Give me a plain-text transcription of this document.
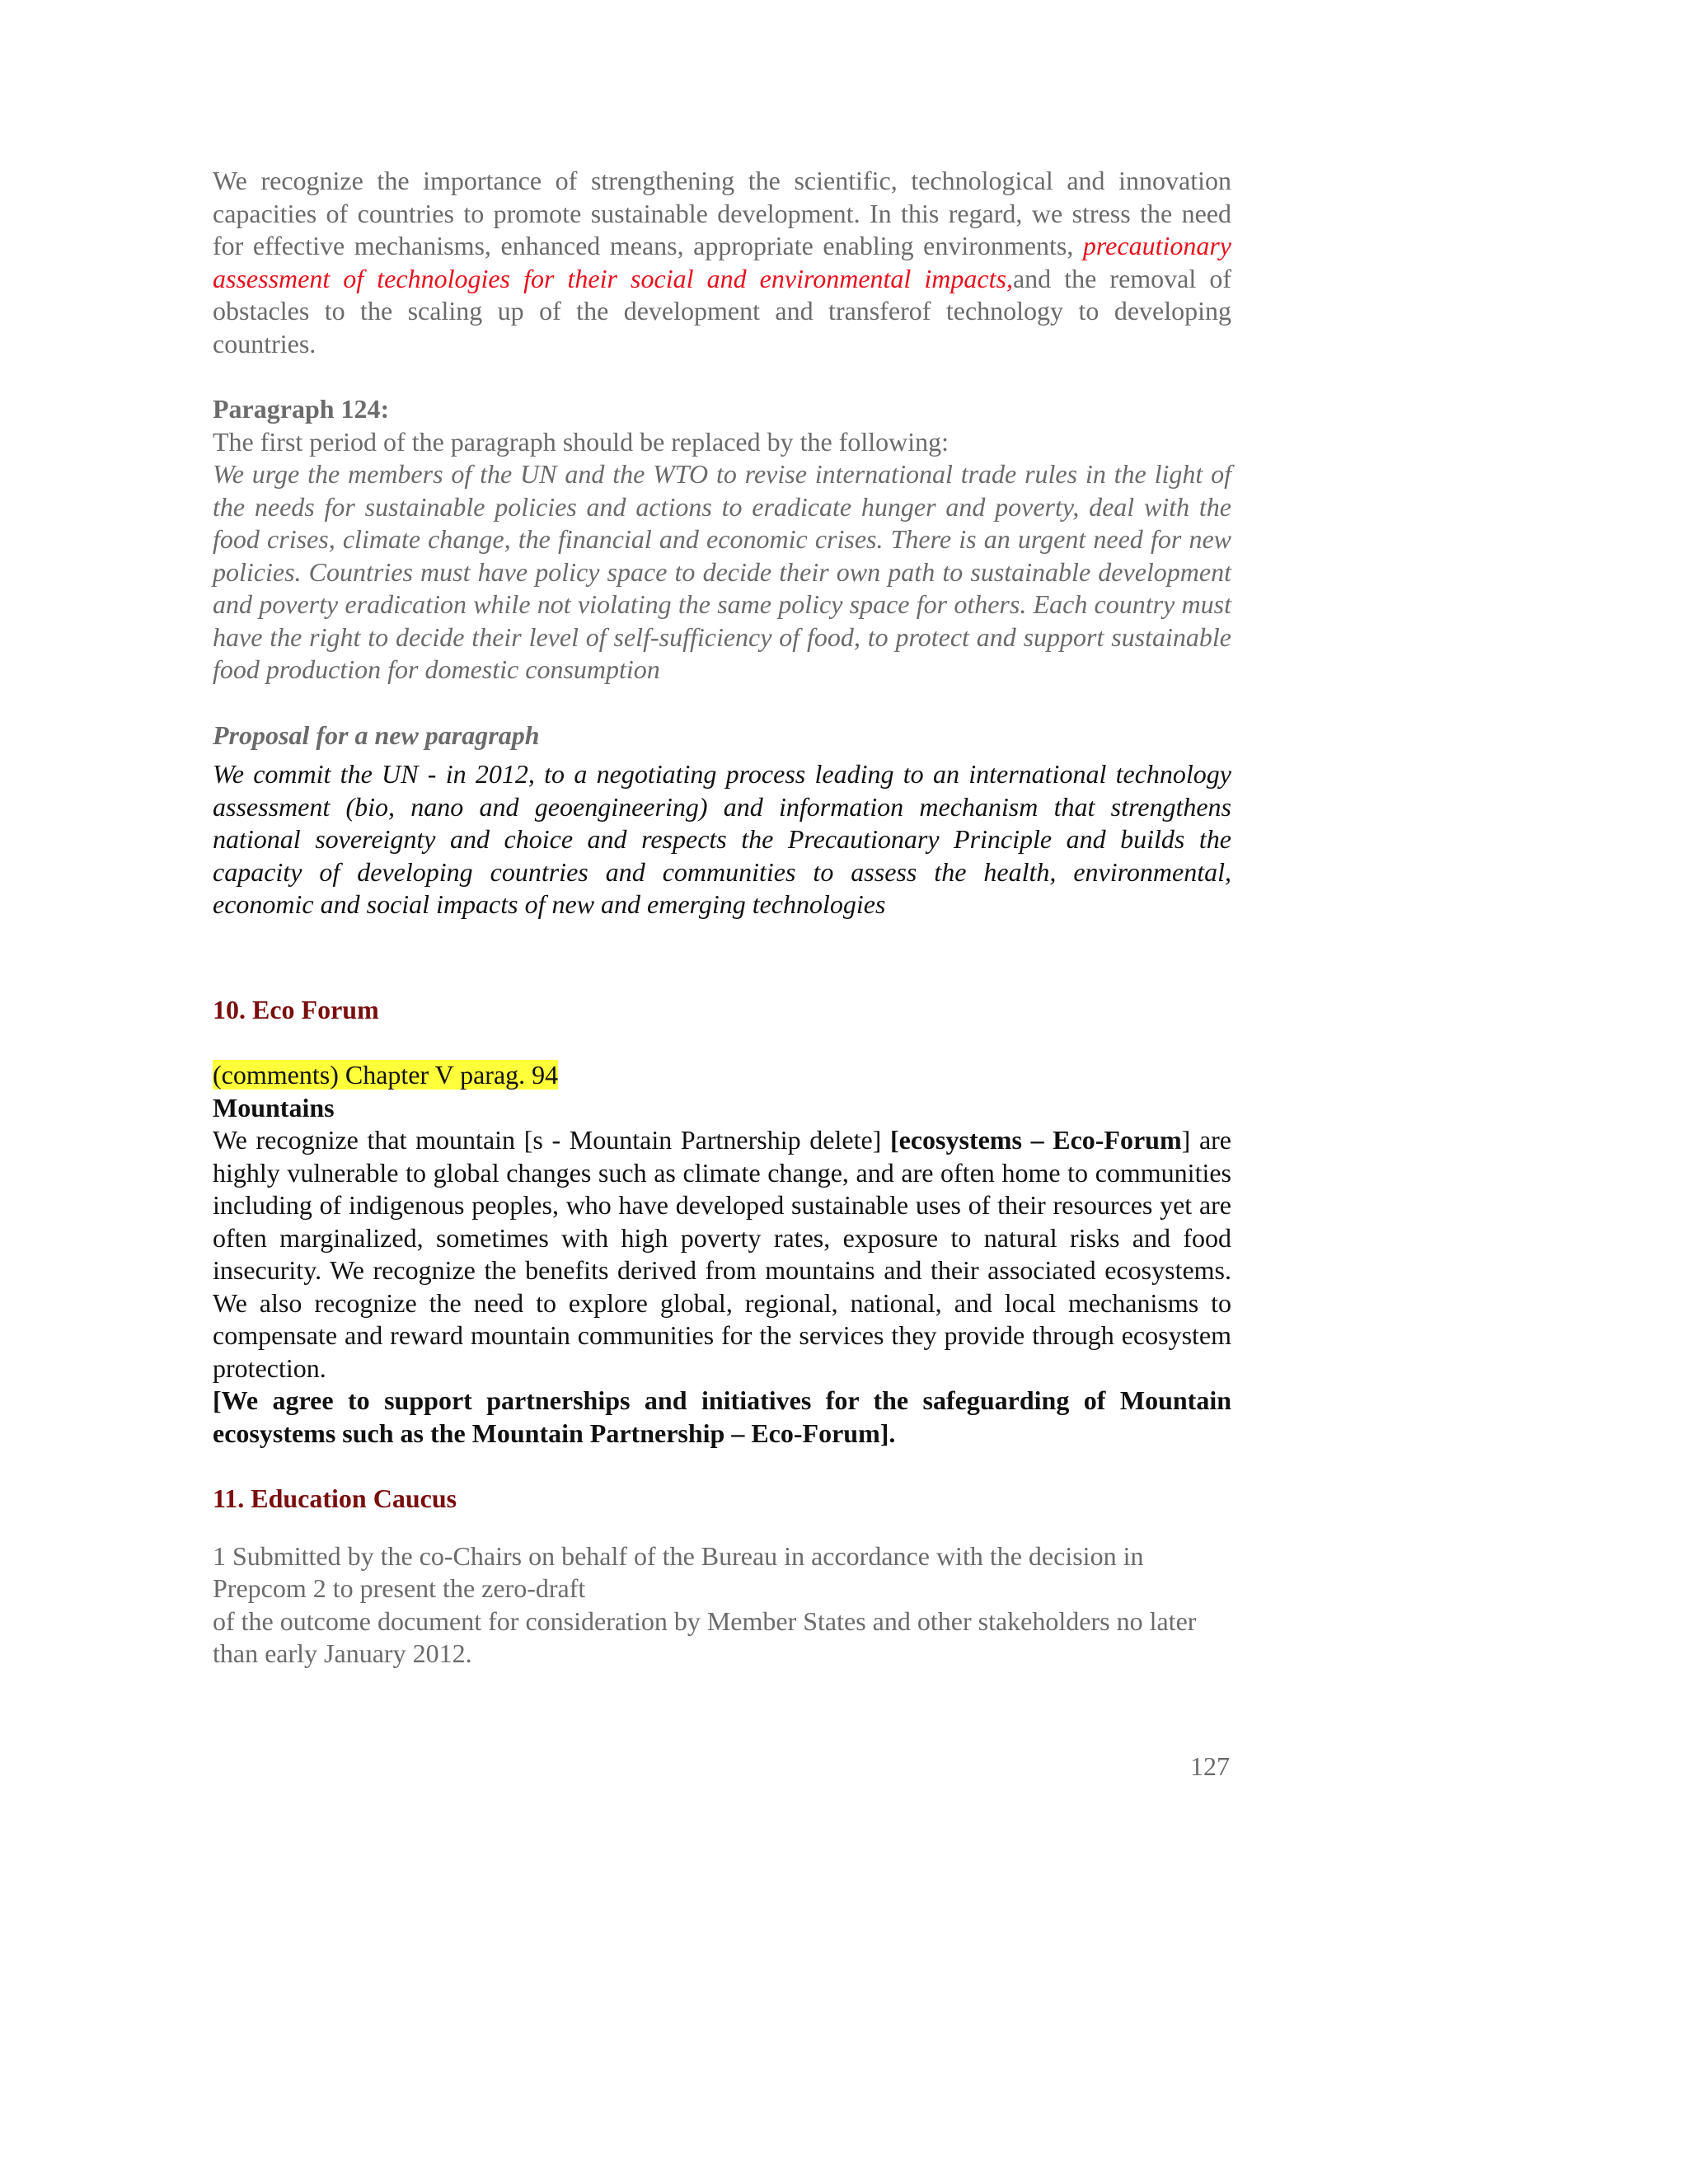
We recognize the importance of strengthening the scientific, technological and innovation capacities of countries to promote sustainable development. In this regard, we stress the need for effective mechanisms, enhanced means, appropriate enabling environments, precautionary assessment of technologies for their social and environmental impacts,and the removal of obstacles to the scaling up of the development and transferof technology to developing countries.

Paragraph 124:

The first period of the paragraph should be replaced by the following:

We urge the members of the UN and the WTO to revise international trade rules in the light of the needs for sustainable policies and actions to eradicate hunger and poverty, deal with the food crises, climate change, the financial and economic crises. There is an urgent need for new policies. Countries must have policy space to decide their own path to sustainable development and poverty eradication while not violating the same policy space for others. Each country must have the right to decide their level of self-sufficiency of food, to protect and support sustainable food production for domestic consumption

Proposal for a new paragraph

We commit the UN - in 2012, to a negotiating process leading to an international technology assessment (bio, nano and geoengineering) and information mechanism that strengthens national sovereignty and choice and respects the Precautionary Principle and builds the capacity of developing countries and communities to assess the health, environmental, economic and social impacts of new and emerging technologies

10. Eco Forum

(comments) Chapter V parag. 94

Mountains

We recognize that mountain [s - Mountain Partnership delete] [ecosystems – Eco-Forum] are highly vulnerable to global changes such as climate change, and are often home to communities including of indigenous peoples, who have developed sustainable uses of their resources yet are often marginalized, sometimes with high poverty rates, exposure to natural risks and food insecurity. We recognize the benefits derived from mountains and their associated ecosystems. We also recognize the need to explore global, regional, national, and local mechanisms to compensate and reward mountain communities for the services they provide through ecosystem protection.

[We agree to support partnerships and initiatives for the safeguarding of Mountain ecosystems such as the Mountain Partnership – Eco-Forum].

11. Education Caucus

1 Submitted by the co-Chairs on behalf of the Bureau in accordance with the decision in Prepcom 2 to present the zero-draft

of the outcome document for consideration by Member States and other stakeholders no later than early January 2012.

127
